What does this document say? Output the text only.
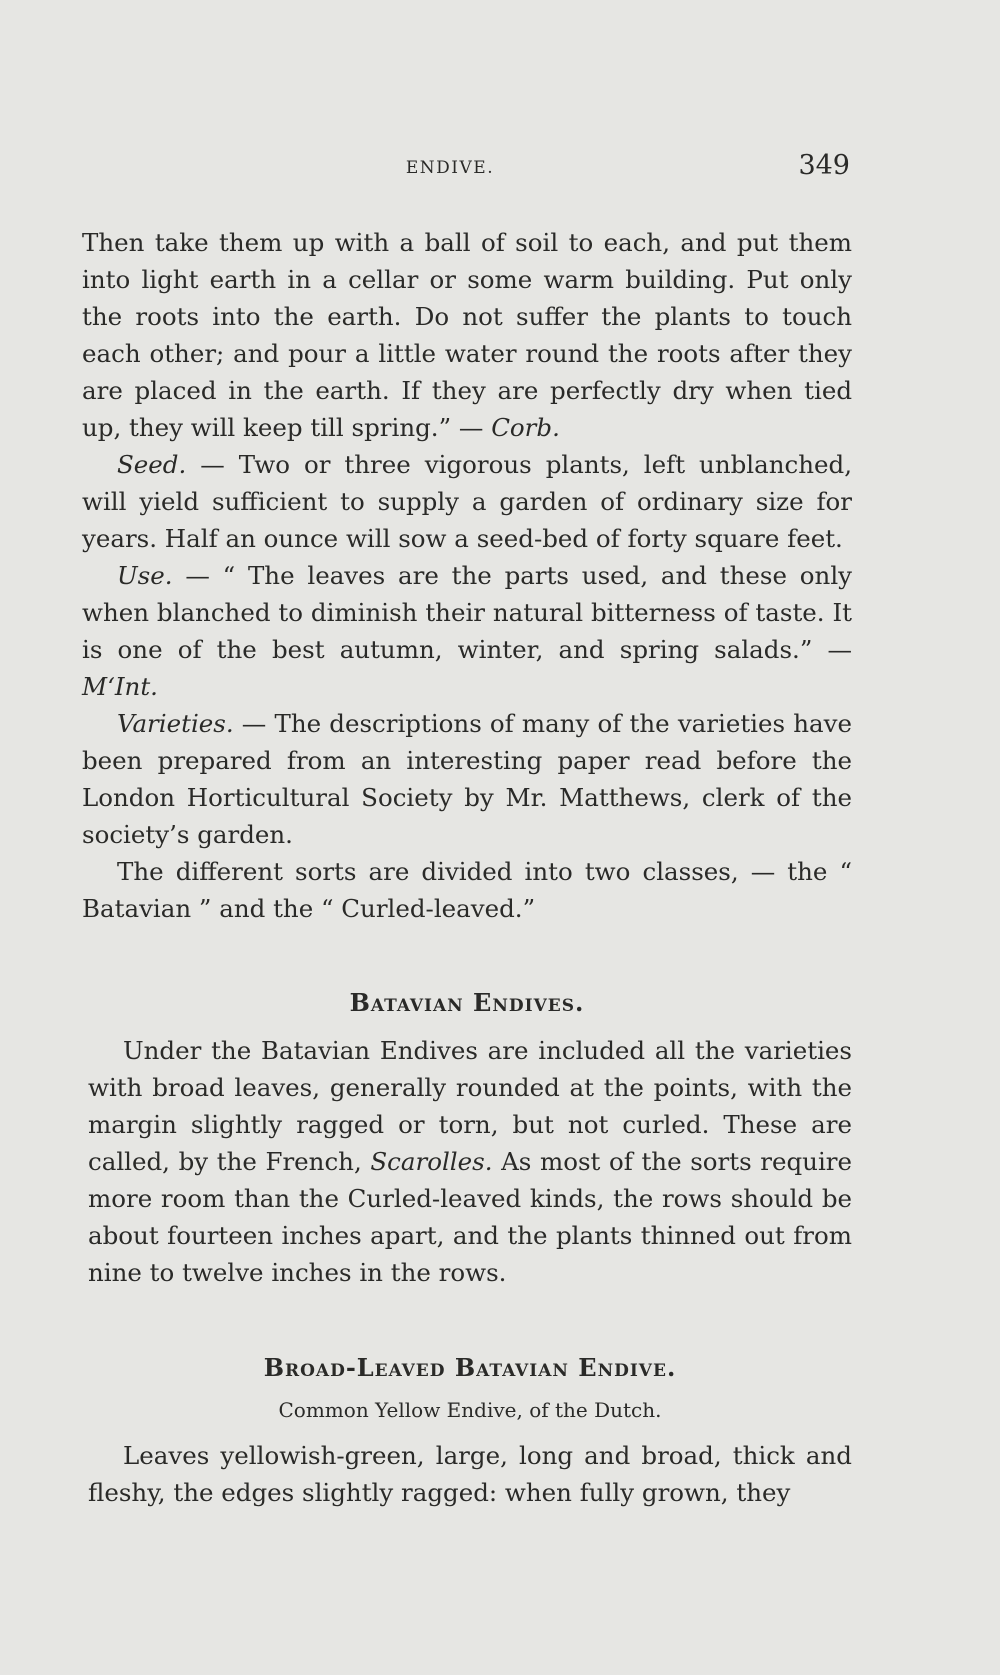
ENDIVE.	349

Then take them up with a ball of soil to each, and put them into light earth in a cellar or some warm building. Put only the roots into the earth. Do not suffer the plants to touch each other; and pour a little water round the roots after they are placed in the earth. If they are perfectly dry when tied up, they will keep till spring.” — Corb.

Seed. — Two or three vigorous plants, left unblanched, will yield sufficient to supply a garden of ordinary size for years. Half an ounce will sow a seed-bed of forty square feet.

Use. — “ The leaves are the parts used, and these only when blanched to diminish their natural bitterness of taste. It is one of the best autumn, winter, and spring salads.” — M‘Int.

Varieties. — The descriptions of many of the varieties have been prepared from an interesting paper read before the London Horticultural Society by Mr. Matthews, clerk of the society’s garden.

The different sorts are divided into two classes, — the “ Batavian ” and the “ Curled-leaved.”

Batavian Endives.

Under the Batavian Endives are included all the varieties with broad leaves, generally rounded at the points, with the margin slightly ragged or torn, but not curled. These are called, by the French, Scarolles. As most of the sorts require more room than the Curled-leaved kinds, the rows should be about fourteen inches apart, and the plants thinned out from nine to twelve inches in the rows.

Broad-Leaved Batavian Endive.

Common Yellow Endive, of the Dutch.

Leaves yellowish-green, large, long and broad, thick and fleshy, the edges slightly ragged: when fully grown, they
